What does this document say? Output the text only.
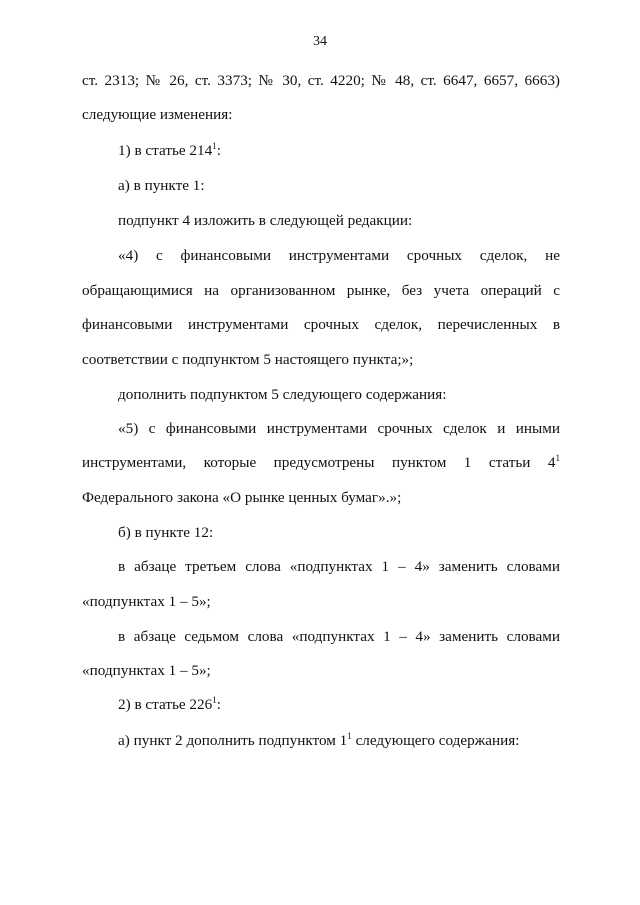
34
ст. 2313; № 26, ст. 3373; № 30, ст. 4220; № 48, ст. 6647, 6657, 6663)
следующие изменения:
1) в статье $214^1$:
а) в пункте 1:
подпункт 4 изложить в следующей редакции:
«4) с финансовыми инструментами срочных сделок, не
обращающимися на организованном рынке, без учета операций с
финансовыми инструментами срочных сделок, перечисленных в
соответствии с подпунктом 5 настоящего пункта;»;
дополнить подпунктом 5 следующего содержания:
«5) с финансовыми инструментами срочных сделок и иными
инструментами, которые предусмотрены пунктом 1 статьи $4^1$
Федерального закона «О рынке ценных бумаг».»;
б) в пункте 12:
в абзаце третьем слова «подпунктах 1 – 4» заменить словами
«подпунктах 1 – 5»;
в абзаце седьмом слова «подпунктах 1 – 4» заменить словами
«подпунктах 1 – 5»;
2) в статье $226^1$:
а) пункт 2 дополнить подпунктом $1^1$ следующего содержания:
